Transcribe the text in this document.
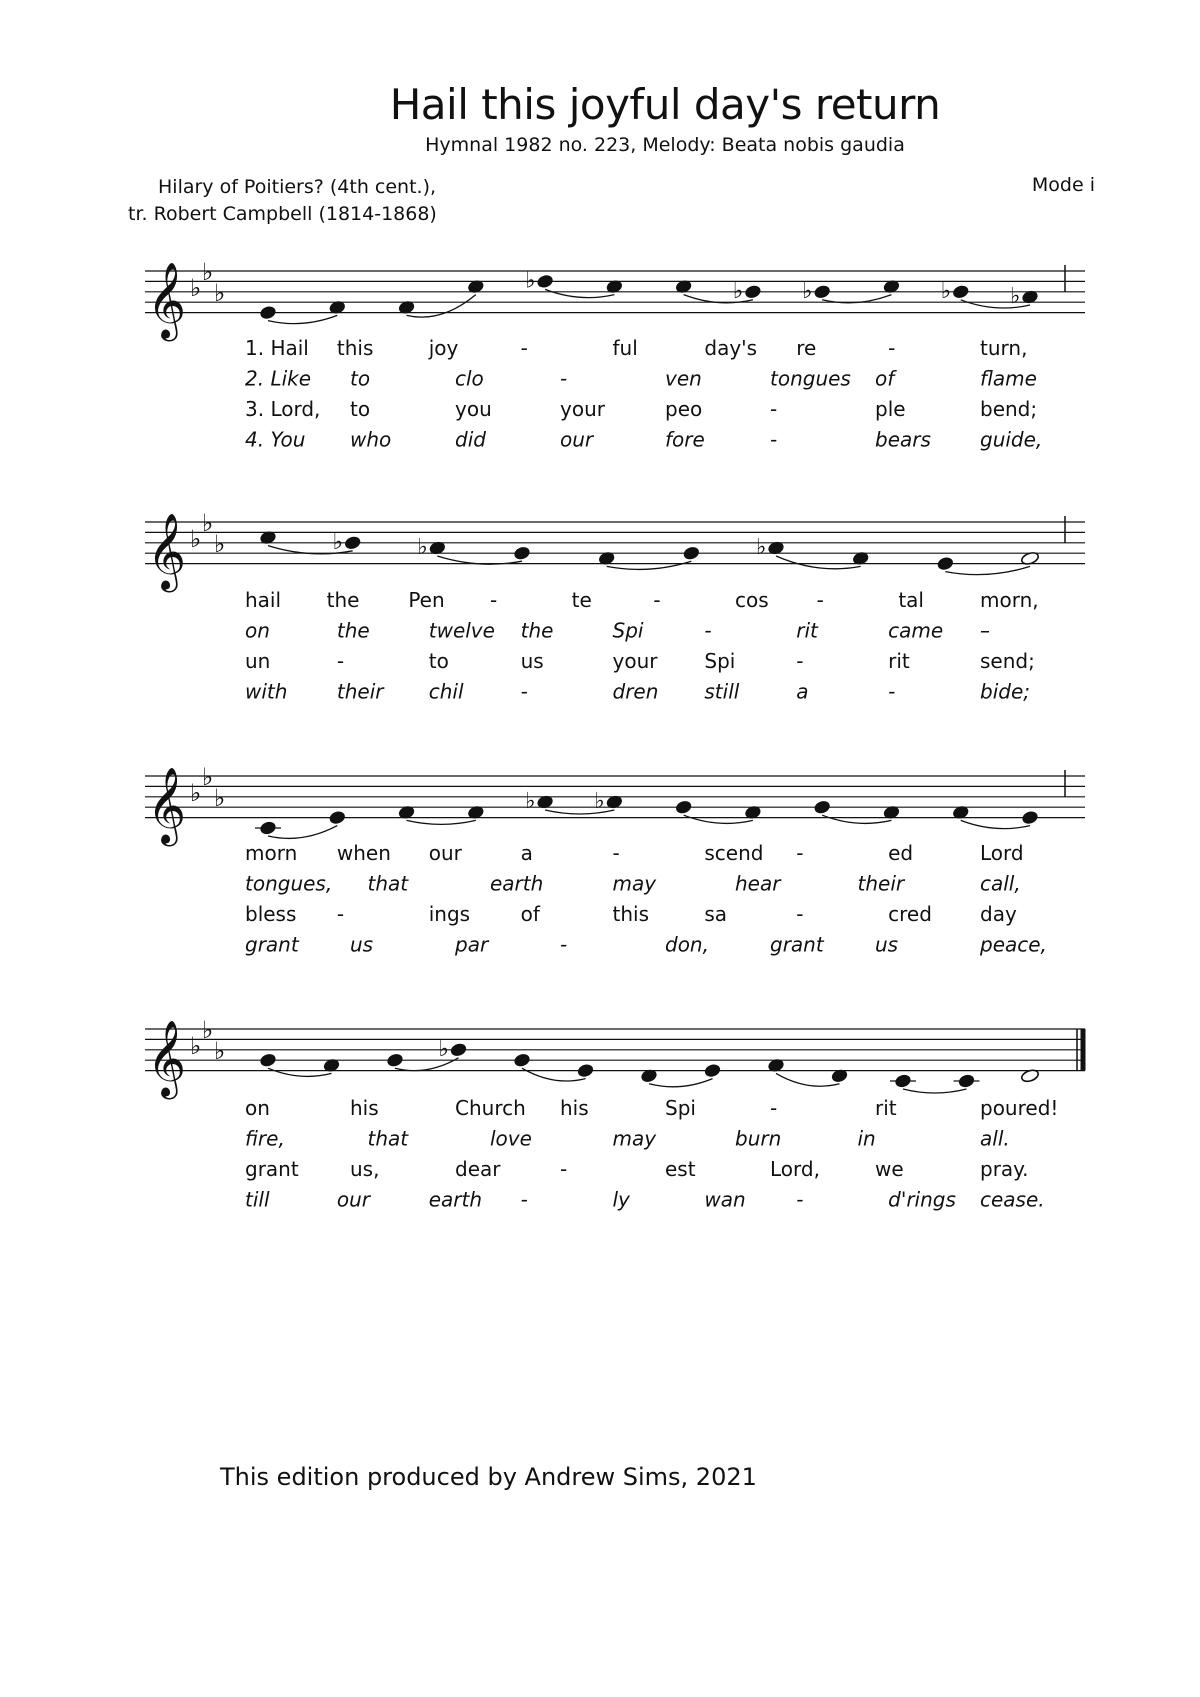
Hail this joyful day's return
Hymnal 1982 no. 223, Melody: Beata nobis gaudia
Hilary of Poitiers? (4th cent.),
tr. Robert Campbell (1814-1868)
Mode i
𝄞 ♭
♭
♭	♭	♭	♭	♭	♭
1. Hail this	joy	-	ful	day's re	-	turn,
2. Like to	clo	-	ven	tongues of	flame
3. Lord, to	you	your	peo	-	ple	bend;
4. You who	did	our	fore	-	bears guide,
𝄞 ♭
♭
♭	♭	♭	♭
hail the Pen -	te	-	cos -	tal	morn,
on	the	twelve the	Spi	-	rit	came –
un	-	to	us	your Spi	-	rit	send;
with their chil	-	dren still	a	-	bide;
𝄞 ♭
♭
♭	♭	♭
morn when our	a	-	scend -	ed	Lord
tongues, that	earth	may	hear	their	call,
bless -	ings	of	this	sa	-	cred day
grant	us	par	-	don,	grant	us	peace,
𝄞 ♭
♭
♭	♭
on	his	Church his	Spi	-	rit	poured!
fire,	that	love	may	burn	in	all.
grant	us,	dear	-	est	Lord,	we	pray.
till	our	earth -	ly	wan	-	d'rings cease.
This edition produced by Andrew Sims, 2021
